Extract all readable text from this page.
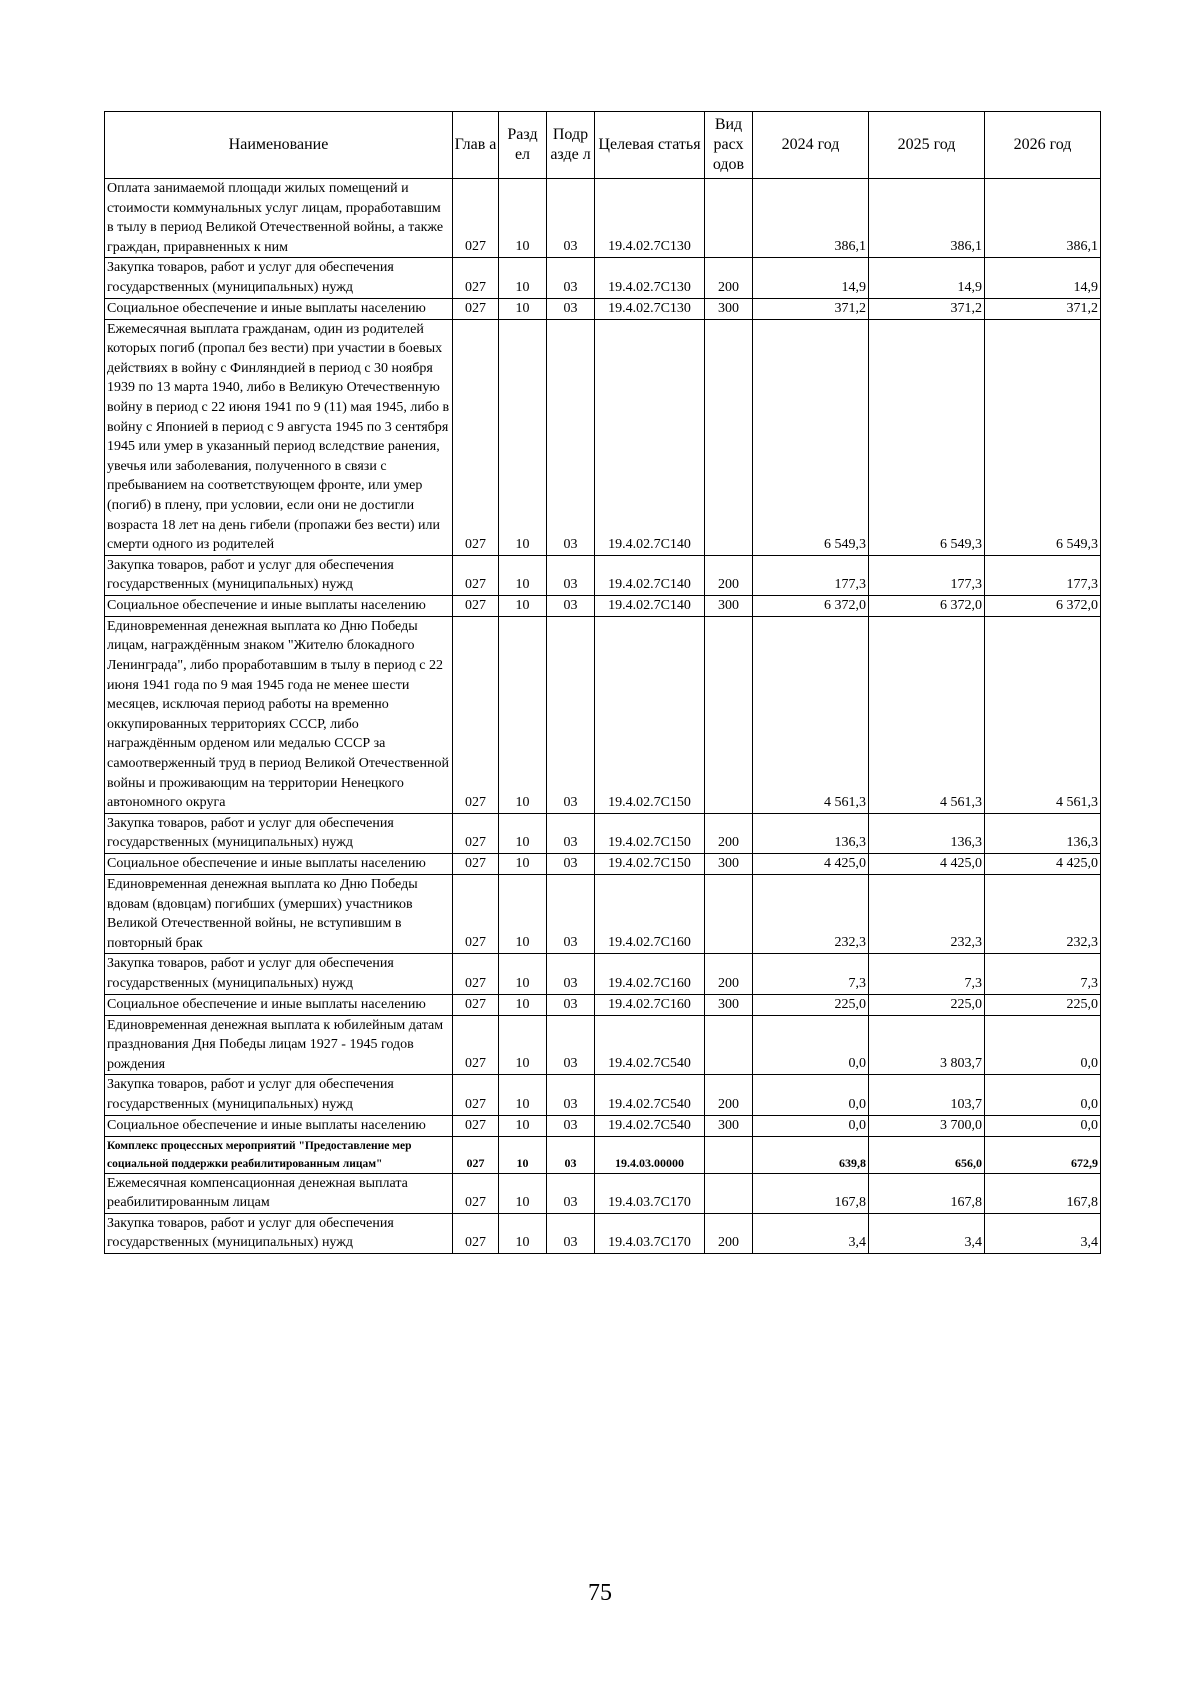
Наименование	Глав а	Разд ел	Подр азде л	Целевая статья	Вид расх одов	2024 год	2025 год	2026 год
Оплата занимаемой площади жилых помещений и стоимости коммунальных услуг лицам, проработавшим в тылу в период Великой Отечественной войны, а также граждан, приравненных к ним	027	10	03	19.4.02.7С130		386,1	386,1	386,1
Закупка товаров, работ и услуг для обеспечения государственных (муниципальных) нужд	027	10	03	19.4.02.7С130	200	14,9	14,9	14,9
Социальное обеспечение и иные выплаты населению	027	10	03	19.4.02.7С130	300	371,2	371,2	371,2
Ежемесячная выплата гражданам, один из родителей которых погиб (пропал без вести) при участии в боевых действиях в войну с Финляндией в период с 30 ноября 1939 по 13 марта 1940, либо в Великую Отечественную войну в период с 22 июня 1941 по 9 (11) мая 1945, либо в войну с Японией в период с 9 августа 1945 по 3 сентября 1945 или умер в указанный период вследствие ранения, увечья или заболевания, полученного в связи с пребыванием на соответствующем фронте, или умер (погиб) в плену, при условии, если они не достигли возраста 18 лет на день гибели (пропажи без вести) или смерти одного из родителей	027	10	03	19.4.02.7С140		6 549,3	6 549,3	6 549,3
Закупка товаров, работ и услуг для обеспечения государственных (муниципальных) нужд	027	10	03	19.4.02.7С140	200	177,3	177,3	177,3
Социальное обеспечение и иные выплаты населению	027	10	03	19.4.02.7С140	300	6 372,0	6 372,0	6 372,0
Единовременная денежная выплата ко Дню Победы лицам, награждённым знаком "Жителю блокадного Ленинграда", либо проработавшим в тылу в период с 22 июня 1941 года по 9 мая 1945 года не менее шести месяцев, исключая период работы на временно оккупированных территориях СССР, либо награждённым орденом или медалью СССР за самоотверженный труд в период Великой Отечественной войны и проживающим на территории Ненецкого автономного округа	027	10	03	19.4.02.7С150		4 561,3	4 561,3	4 561,3
Закупка товаров, работ и услуг для обеспечения государственных (муниципальных) нужд	027	10	03	19.4.02.7С150	200	136,3	136,3	136,3
Социальное обеспечение и иные выплаты населению	027	10	03	19.4.02.7С150	300	4 425,0	4 425,0	4 425,0
Единовременная денежная выплата ко Дню Победы вдовам (вдовцам) погибших (умерших) участников Великой Отечественной войны, не вступившим в повторный брак	027	10	03	19.4.02.7С160		232,3	232,3	232,3
Закупка товаров, работ и услуг для обеспечения государственных (муниципальных) нужд	027	10	03	19.4.02.7С160	200	7,3	7,3	7,3
Социальное обеспечение и иные выплаты населению	027	10	03	19.4.02.7С160	300	225,0	225,0	225,0
Единовременная денежная выплата к юбилейным датам празднования Дня Победы лицам 1927 - 1945 годов рождения	027	10	03	19.4.02.7С540		0,0	3 803,7	0,0
Закупка товаров, работ и услуг для обеспечения государственных (муниципальных) нужд	027	10	03	19.4.02.7С540	200	0,0	103,7	0,0
Социальное обеспечение и иные выплаты населению	027	10	03	19.4.02.7С540	300	0,0	3 700,0	0,0
Комплекс процессных мероприятий "Предоставление мер социальной поддержки реабилитированным лицам"	027	10	03	19.4.03.00000		639,8	656,0	672,9
Ежемесячная компенсационная денежная выплата реабилитированным лицам	027	10	03	19.4.03.7С170		167,8	167,8	167,8
Закупка товаров, работ и услуг для обеспечения государственных (муниципальных) нужд	027	10	03	19.4.03.7С170	200	3,4	3,4	3,4
75
